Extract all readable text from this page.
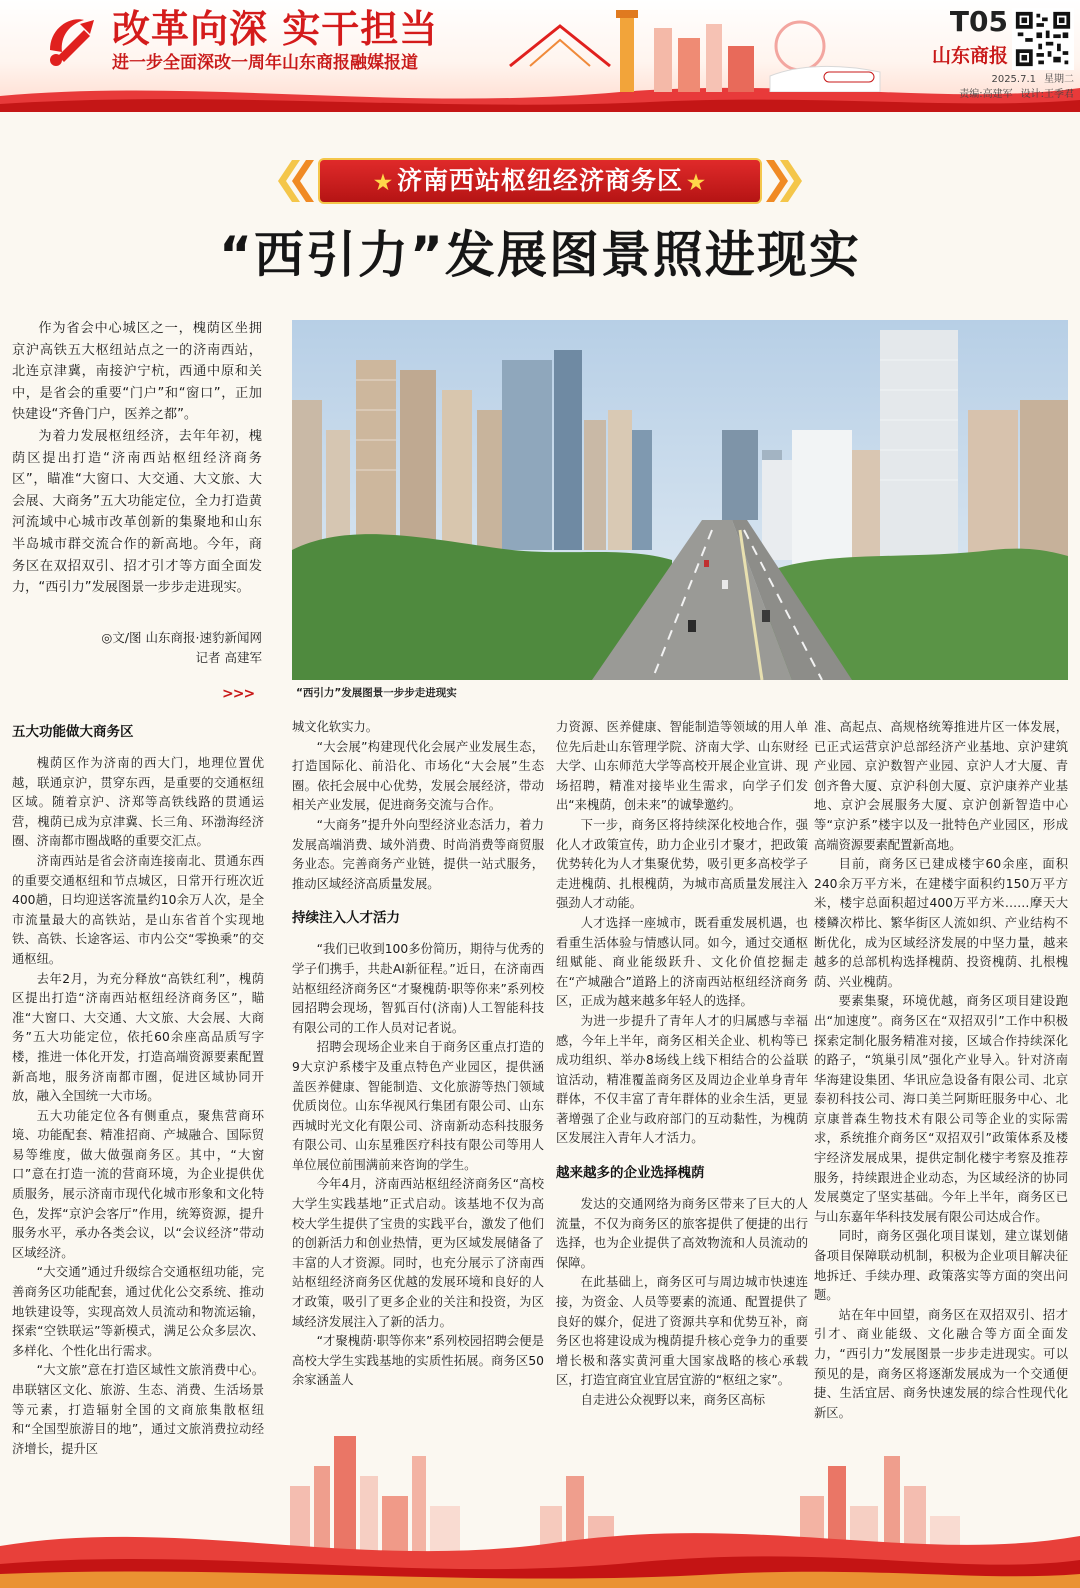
改革向深 实干担当
进一步全面深改一周年山东商报融媒报道
T05
山东商报
2025.7.1 星期二
责编:高建军 设计:王季君
★ 济南西站枢纽经济商务区 ★
“西引力”发展图景照进现实

作为省会中心城区之一，槐荫区坐拥京沪高铁五大枢纽站点之一的济南西站，北连京津冀，南接沪宁杭，西通中原和关中，是省会的重要“门户”和“窗口”，正加快建设“齐鲁门户，医养之都”。

为着力发展枢纽经济，去年年初，槐荫区提出打造“济南西站枢纽经济商务区”，瞄准“大窗口、大交通、大文旅、大会展、大商务”五大功能定位，全力打造黄河流域中心城市改革创新的集聚地和山东半岛城市群交流合作的新高地。今年，商务区在双招双引、招才引才等方面全面发力，“西引力”发展图景一步步走进现实。

◎文/图 山东商报·速豹新闻网
记者 高建军
>>>	“西引力”发展图景一步步走进现实
五大功能做大商务区

槐荫区作为济南的西大门，地理位置优越，联通京沪，贯穿东西，是重要的交通枢纽区域。随着京沪、济郑等高铁线路的贯通运营，槐荫已成为京津冀、长三角、环渤海经济圈、济南都市圈战略的重要交汇点。

济南西站是省会济南连接南北、贯通东西的重要交通枢纽和节点城区，日常开行班次近400趟，日均迎送客流量约10余万人次，是全市流量最大的高铁站，是山东省首个实现地铁、高铁、长途客运、市内公交“零换乘”的交通枢纽。

去年2月，为充分释放“高铁红利”，槐荫区提出打造“济南西站枢纽经济商务区”，瞄准“大窗口、大交通、大文旅、大会展、大商务”五大功能定位，依托60余座高品质写字楼，推进一体化开发，打造高端资源要素配置新高地，服务济南都市圈，促进区域协同开放，融入全国统一大市场。

五大功能定位各有侧重点，聚焦营商环境、功能配套、精准招商、产城融合、国际贸易等维度，做大做强商务区。其中，“大窗口”意在打造一流的营商环境，为企业提供优质服务，展示济南市现代化城市形象和文化特色，发挥“京沪会客厅”作用，统筹资源，提升服务水平，承办各类会议，以“会议经济”带动区域经济。

“大交通”通过升级综合交通枢纽功能，完善商务区功能配套，通过优化公交系统、推动地铁建设等，实现高效人员流动和物流运输，探索“空铁联运”等新模式，满足公众多层次、多样化、个性化出行需求。

“大文旅”意在打造区域性文旅消费中心。串联辖区文化、旅游、生态、消费、生活场景等元素，打造辐射全国的文商旅集散枢纽和“全国型旅游目的地”，通过文旅消费拉动经济增长，提升区

城文化软实力。

“大会展”构建现代化会展产业发展生态，打造国际化、前沿化、市场化“大会展”生态圈。依托会展中心优势，发展会展经济，带动相关产业发展，促进商务交流与合作。

“大商务”提升外向型经济业态活力，着力发展高端消费、域外消费、时尚消费等商贸服务业态。完善商务产业链，提供一站式服务，推动区域经济高质量发展。

持续注入人才活力

“我们已收到100多份简历，期待与优秀的学子们携手，共赴AI新征程。”近日，在济南西站枢纽经济商务区“才聚槐荫·职等你来”系列校园招聘会现场，智狐百付(济南)人工智能科技有限公司的工作人员对记者说。

招聘会现场企业来自于商务区重点打造的9大京沪系楼宇及重点特色产业园区，提供涵盖医养健康、智能制造、文化旅游等热门领域优质岗位。山东华视风行集团有限公司、山东西城时光文化有限公司、济南新动态科技服务有限公司、山东星雅医疗科技有限公司等用人单位展位前围满前来咨询的学生。

今年4月，济南西站枢纽经济商务区“高校大学生实践基地”正式启动。该基地不仅为高校大学生提供了宝贵的实践平台，激发了他们的创新活力和创业热情，更为区域发展储备了丰富的人才资源。同时，也充分展示了济南西站枢纽经济商务区优越的发展环境和良好的人才政策，吸引了更多企业的关注和投资，为区域经济发展注入了新的活力。

“才聚槐荫·职等你来”系列校园招聘会便是高校大学生实践基地的实质性拓展。商务区50余家涵盖人

力资源、医养健康、智能制造等领域的用人单位先后赴山东管理学院、济南大学、山东财经大学、山东师范大学等高校开展企业宣讲、现场招聘，精准对接毕业生需求，向学子们发出“来槐荫，创未来”的诚挚邀约。

下一步，商务区将持续深化校地合作，强化人才政策宣传，助力企业引才聚才，把政策优势转化为人才集聚优势，吸引更多高校学子走进槐荫、扎根槐荫，为城市高质量发展注入强劲人才动能。

人才选择一座城市，既看重发展机遇，也看重生活体验与情感认同。如今，通过交通枢纽赋能、商业能级跃升、文化价值挖掘走在“产城融合”道路上的济南西站枢纽经济商务区，正成为越来越多年轻人的选择。

为进一步提升了青年人才的归属感与幸福感，今年上半年，商务区相关企业、机构等已成功组织、举办8场线上线下相结合的公益联谊活动，精准覆盖商务区及周边企业单身青年群体，不仅丰富了青年群体的业余生活，更显著增强了企业与政府部门的互动黏性，为槐荫区发展注入青年人才活力。

越来越多的企业选择槐荫

发达的交通网络为商务区带来了巨大的人流量，不仅为商务区的旅客提供了便捷的出行选择，也为企业提供了高效物流和人员流动的保障。

在此基础上，商务区可与周边城市快速连接，为资金、人员等要素的流通、配置提供了良好的媒介，促进了资源共享和优势互补，商务区也将建设成为槐荫提升核心竞争力的重要增长极和落实黄河重大国家战略的核心承载区，打造宜商宜业宜居宜游的“枢纽之家”。

自走进公众视野以来，商务区高标

准、高起点、高规格统筹推进片区一体发展，已正式运营京沪总部经济产业基地、京沪建筑产业园、京沪数智产业园、京沪人才大厦、青创齐鲁大厦、京沪科创大厦、京沪康养产业基地、京沪会展服务大厦、京沪创新智造中心等“京沪系”楼宇以及一批特色产业园区，形成高端资源要素配置新高地。

目前，商务区已建成楼宇60余座，面积240余万平方米，在建楼宇面积约150万平方米，楼宇总面积超过400万平方米……摩天大楼鳞次栉比、繁华街区人流如织、产业结构不断优化，成为区域经济发展的中坚力量，越来越多的总部机构选择槐荫、投资槐荫、扎根槐荫、兴业槐荫。

要素集聚，环境优越，商务区项目建设跑出“加速度”。商务区在“双招双引”工作中积极探索定制化服务精准对接，区域合作持续深化的路子，“筑巢引凤”强化产业导入。针对济南华海建设集团、华讯应急设备有限公司、北京泰初科技公司、海口美兰阿斯旺服务中心、北京康普森生物技术有限公司等企业的实际需求，系统推介商务区“双招双引”政策体系及楼宇经济发展成果，提供定制化楼宇考察及推荐服务，持续跟进企业动态，为区域经济的协同发展奠定了坚实基础。今年上半年，商务区已与山东嘉年华科技发展有限公司达成合作。

同时，商务区强化项目谋划，建立谋划储备项目保障联动机制，积极为企业项目解决征地拆迁、手续办理、政策落实等方面的突出问题。

站在年中回望，商务区在双招双引、招才引才、商业能级、文化融合等方面全面发力，“西引力”发展图景一步步走进现实。可以预见的是，商务区将逐渐发展成为一个交通便捷、生活宜居、商务快速发展的综合性现代化新区。
